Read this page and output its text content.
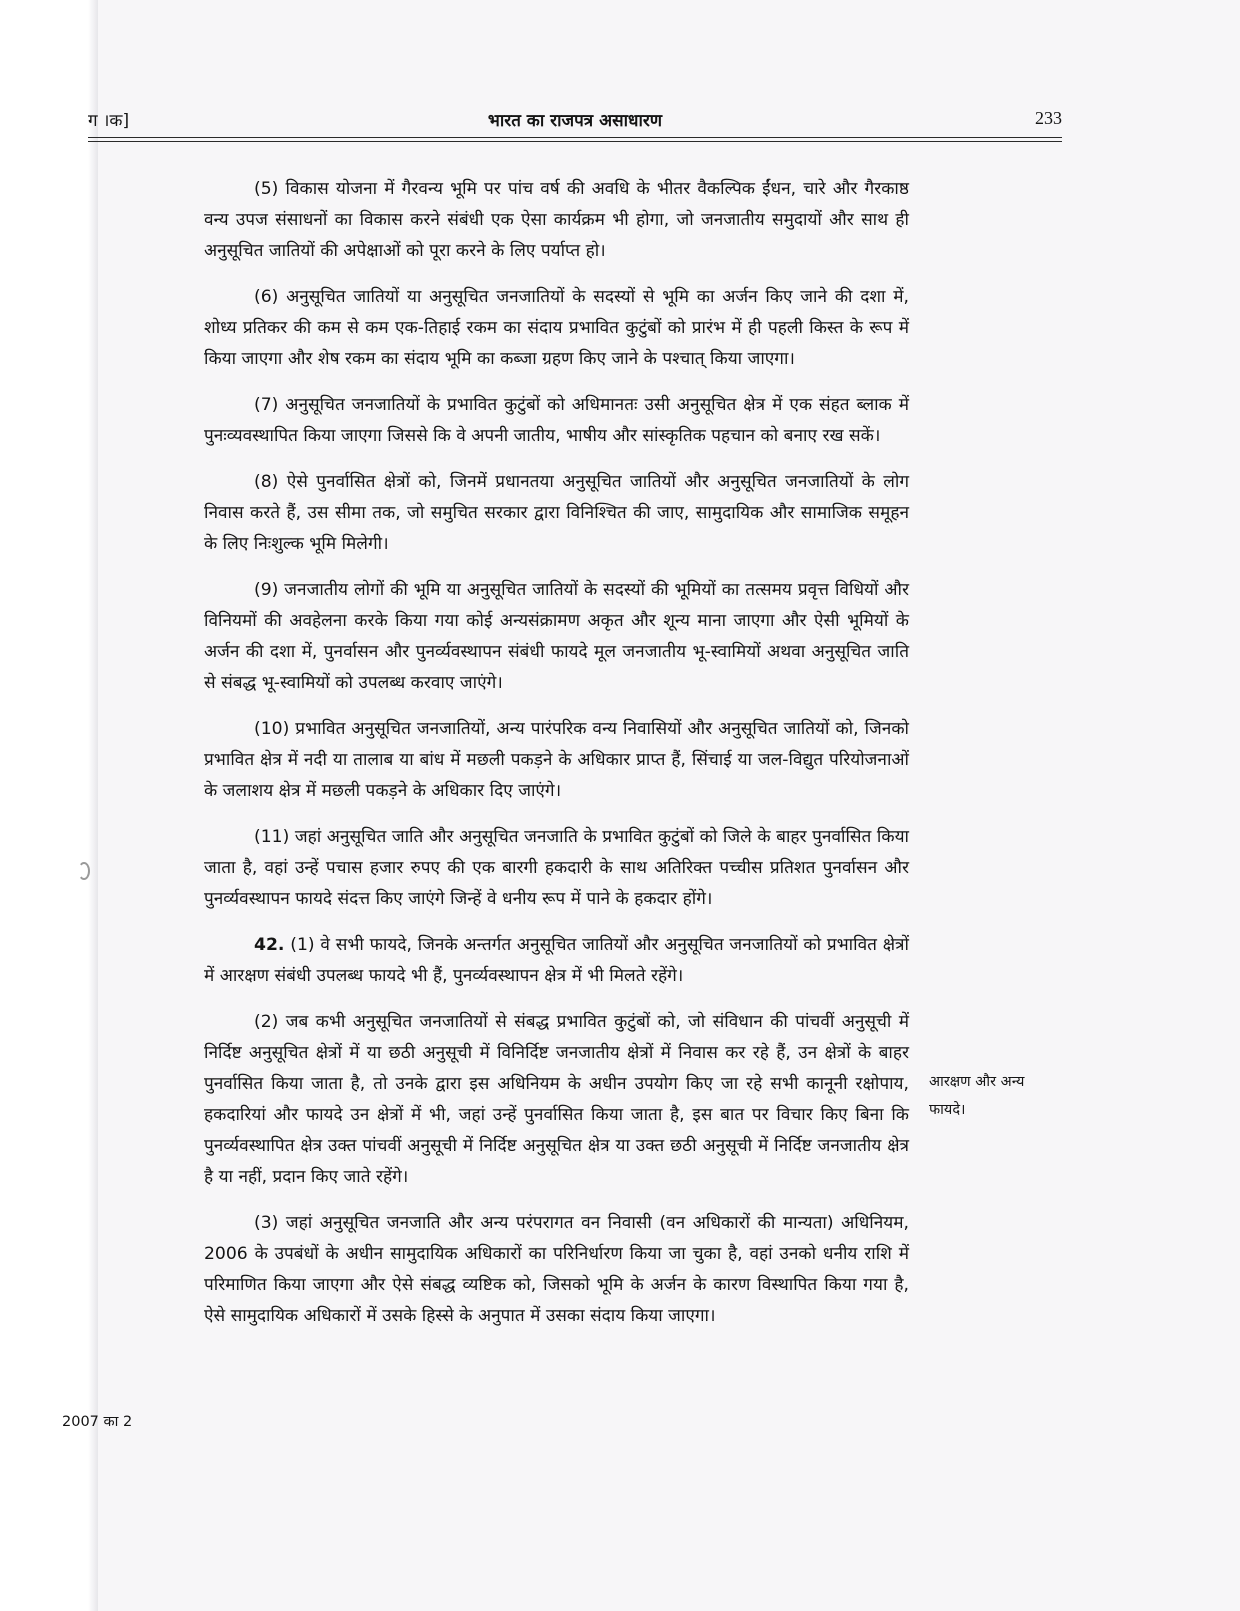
ग ।क]	भारत का राजपत्र असाधारण	233

(5) विकास योजना में गैरवन्य भूमि पर पांच वर्ष की अवधि के भीतर वैकल्पिक ईंधन, चारे और गैरकाष्ठ वन्य उपज संसाधनों का विकास करने संबंधी एक ऐसा कार्यक्रम भी होगा, जो जनजातीय समुदायों और साथ ही अनुसूचित जातियों की अपेक्षाओं को पूरा करने के लिए पर्याप्त हो।

(6) अनुसूचित जातियों या अनुसूचित जनजातियों के सदस्यों से भूमि का अर्जन किए जाने की दशा में, शोध्य प्रतिकर की कम से कम एक-तिहाई रकम का संदाय प्रभावित कुटुंबों को प्रारंभ में ही पहली किस्त के रूप में किया जाएगा और शेष रकम का संदाय भूमि का कब्जा ग्रहण किए जाने के पश्चात् किया जाएगा।

(7) अनुसूचित जनजातियों के प्रभावित कुटुंबों को अधिमानतः उसी अनुसूचित क्षेत्र में एक संहत ब्लाक में पुनःव्यवस्थापित किया जाएगा जिससे कि वे अपनी जातीय, भाषीय और सांस्कृतिक पहचान को बनाए रख सकें।

(8) ऐसे पुनर्वासित क्षेत्रों को, जिनमें प्रधानतया अनुसूचित जातियों और अनुसूचित जनजातियों के लोग निवास करते हैं, उस सीमा तक, जो समुचित सरकार द्वारा विनिश्चित की जाए, सामुदायिक और सामाजिक समूहन के लिए निःशुल्क भूमि मिलेगी।

(9) जनजातीय लोगों की भूमि या अनुसूचित जातियों के सदस्यों की भूमियों का तत्समय प्रवृत्त विधियों और विनियमों की अवहेलना करके किया गया कोई अन्यसंक्रामण अकृत और शून्य माना जाएगा और ऐसी भूमियों के अर्जन की दशा में, पुनर्वासन और पुनर्व्यवस्थापन संबंधी फायदे मूल जनजातीय भू-स्वामियों अथवा अनुसूचित जाति से संबद्ध भू-स्वामियों को उपलब्ध करवाए जाएंगे।

(10) प्रभावित अनुसूचित जनजातियों, अन्य पारंपरिक वन्य निवासियों और अनुसूचित जातियों को, जिनको प्रभावित क्षेत्र में नदी या तालाब या बांध में मछली पकड़ने के अधिकार प्राप्त हैं, सिंचाई या जल-विद्युत परियोजनाओं के जलाशय क्षेत्र में मछली पकड़ने के अधिकार दिए जाएंगे।

(11) जहां अनुसूचित जाति और अनुसूचित जनजाति के प्रभावित कुटुंबों को जिले के बाहर पुनर्वासित किया जाता है, वहां उन्हें पचास हजार रुपए की एक बारगी हकदारी के साथ अतिरिक्त पच्चीस प्रतिशत पुनर्वासन और पुनर्व्यवस्थापन फायदे संदत्त किए जाएंगे जिन्हें वे धनीय रूप में पाने के हकदार होंगे।

42. (1) वे सभी फायदे, जिनके अन्तर्गत अनुसूचित जातियों और अनुसूचित जनजातियों को प्रभावित क्षेत्रों में आरक्षण संबंधी उपलब्ध फायदे भी हैं, पुनर्व्यवस्थापन क्षेत्र में भी मिलते रहेंगे।

(2) जब कभी अनुसूचित जनजातियों से संबद्ध प्रभावित कुटुंबों को, जो संविधान की पांचवीं अनुसूची में निर्दिष्ट अनुसूचित क्षेत्रों में या छठी अनुसूची में विनिर्दिष्ट जनजातीय क्षेत्रों में निवास कर रहे हैं, उन क्षेत्रों के बाहर पुनर्वासित किया जाता है, तो उनके द्वारा इस अधिनियम के अधीन उपयोग किए जा रहे सभी कानूनी रक्षोपाय, हकदारियां और फायदे उन क्षेत्रों में भी, जहां उन्हें पुनर्वासित किया जाता है, इस बात पर विचार किए बिना कि पुनर्व्यवस्थापित क्षेत्र उक्त पांचवीं अनुसूची में निर्दिष्ट अनुसूचित क्षेत्र या उक्त छठी अनुसूची में निर्दिष्ट जनजातीय क्षेत्र है या नहीं, प्रदान किए जाते रहेंगे।

(3) जहां अनुसूचित जनजाति और अन्य परंपरागत वन निवासी (वन अधिकारों की मान्यता) अधिनियम, 2006 के उपबंधों के अधीन सामुदायिक अधिकारों का परिनिर्धारण किया जा चुका है, वहां उनको धनीय राशि में परिमाणित किया जाएगा और ऐसे संबद्ध व्यष्टिक को, जिसको भूमि के अर्जन के कारण विस्थापित किया गया है, ऐसे सामुदायिक अधिकारों में उसके हिस्से के अनुपात में उसका संदाय किया जाएगा।

आरक्षण और अन्य फायदे।
2007 का 2
